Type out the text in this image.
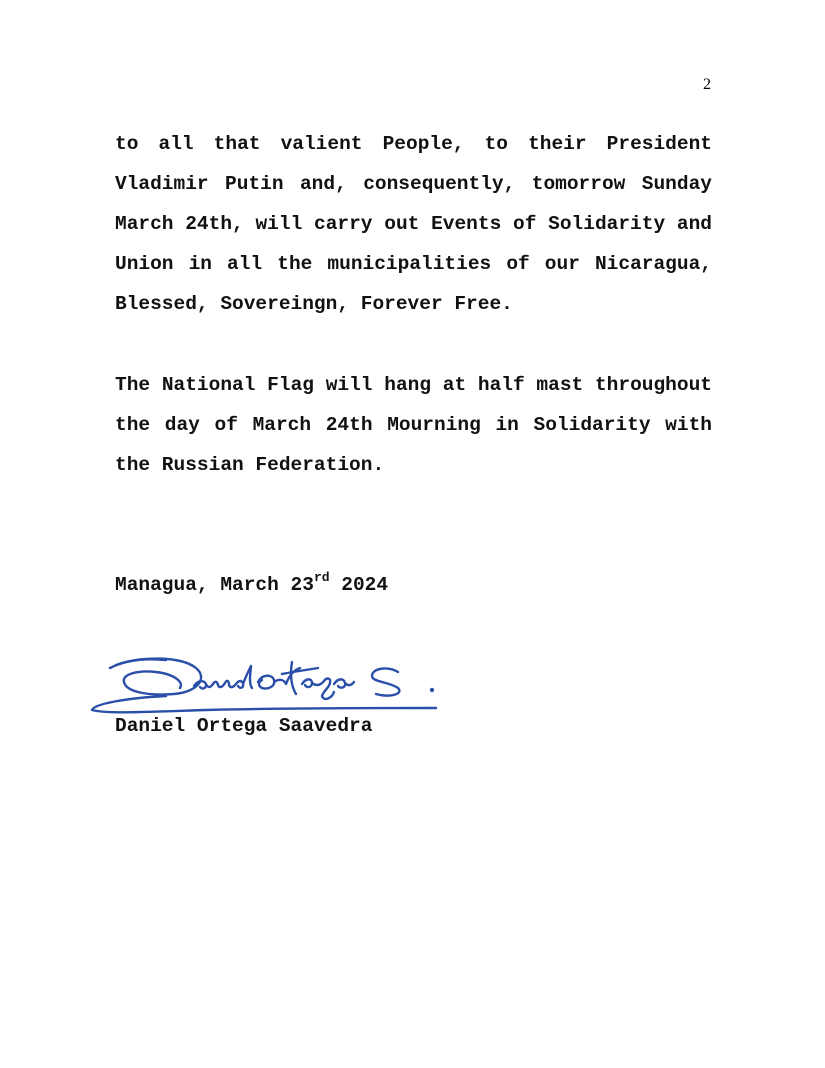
2

to all that valient People, to their President Vladimir Putin and, consequently, tomorrow Sunday March 24th, will carry out Events of Solidarity and Union in all the municipalities of our Nicaragua, Blessed, Sovereingn, Forever Free.

The National Flag will hang at half mast throughout the day of March 24th Mourning in Solidarity with the Russian Federation.

Managua, March 23rd 2024
Daniel Ortega Saavedra
